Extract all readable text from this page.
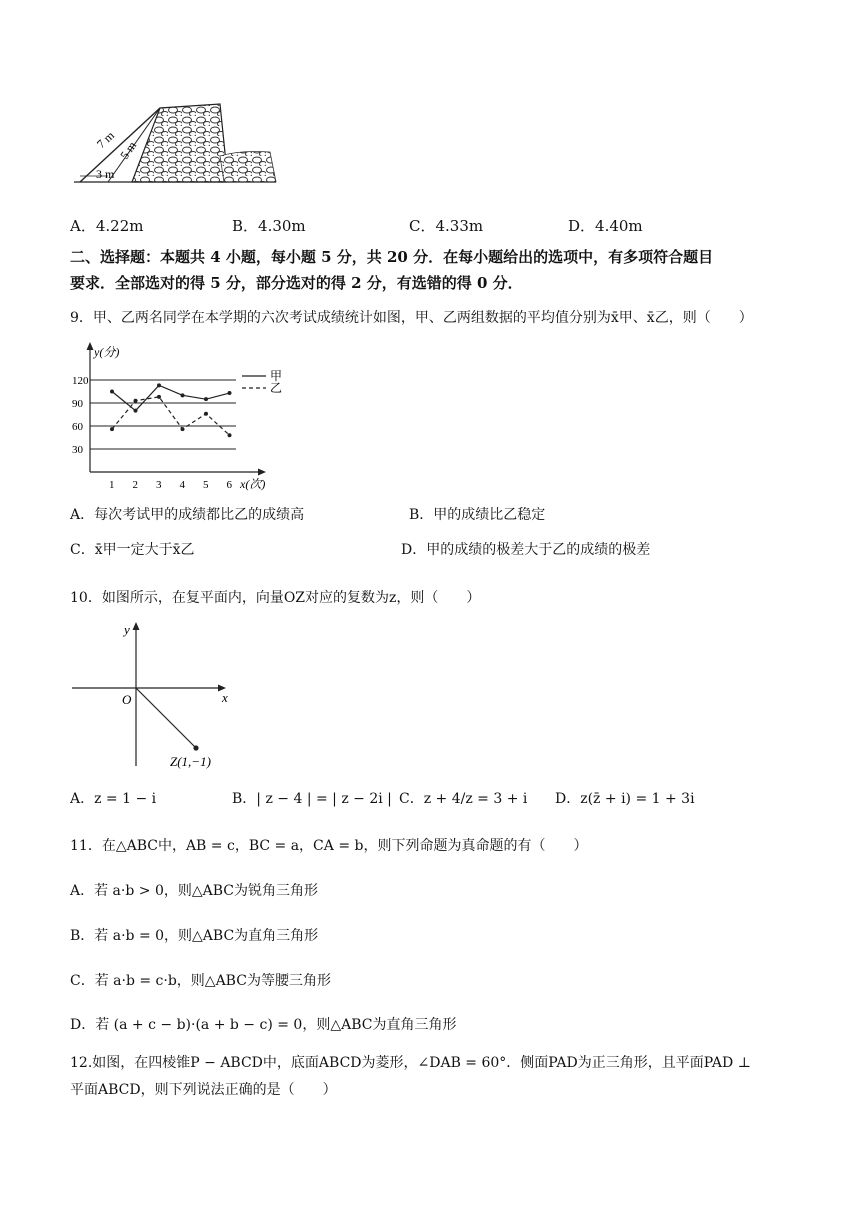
7 m 5 m
3 m
A．4.22m	B．4.30m	C．4.33m	D．4.40m
二、选择题：本题共 4 小题，每小题 5 分，共 20 分．在每小题给出的选项中，有多项符合题目
要求．全部选对的得 5 分，部分选对的得 2 分，有选错的得 0 分．
9．甲、乙两名同学在本学期的六次考试成绩统计如图，甲、乙两组数据的平均值分别为x̄甲、x̄乙，则（　　）
y(分)
x(次)
30
60
90
120
1 2 3 4 5 6
甲
乙
A．每次考试甲的成绩都比乙的成绩高	B．甲的成绩比乙稳定
C．x̄甲一定大于x̄乙	D．甲的成绩的极差大于乙的成绩的极差
10．如图所示，在复平面内，向量OZ对应的复数为z，则（　　）
y
x
O
Z(1,−1)
A．z = 1 − i	B．| z − 4 | = | z − 2i | C．z + 4/z = 3 + i D．z(z̄ + i) = 1 + 3i
11．在△ABC中，AB = c，BC = a，CA = b，则下列命题为真命题的有（　　）
A．若 a·b > 0，则△ABC为锐角三角形
B．若 a·b = 0，则△ABC为直角三角形
C．若 a·b = c·b，则△ABC为等腰三角形
D．若 (a + c − b)·(a + b − c) = 0，则△ABC为直角三角形
12.如图，在四棱锥P − ABCD中，底面ABCD为菱形，∠DAB = 60°．侧面PAD为正三角形，且平面PAD ⊥
平面ABCD，则下列说法正确的是（　　）
